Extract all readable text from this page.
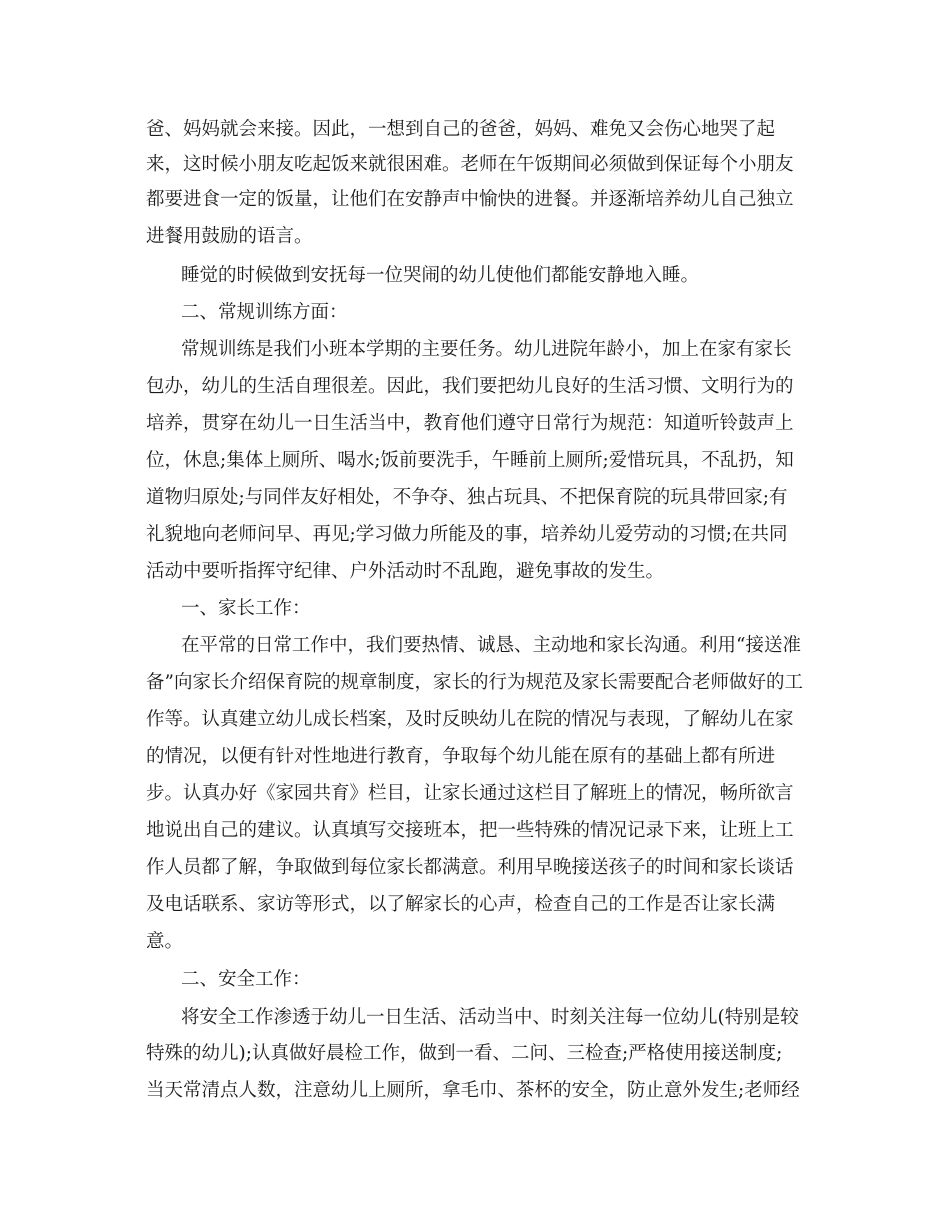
爸、妈妈就会来接。因此，一想到自己的爸爸，妈妈、难免又会伤心地哭了起

来，这时候小朋友吃起饭来就很困难。老师在午饭期间必须做到保证每个小朋友

都要进食一定的饭量，让他们在安静声中愉快的进餐。并逐渐培养幼儿自己独立

进餐用鼓励的语言。

睡觉的时候做到安抚每一位哭闹的幼儿使他们都能安静地入睡。

二、常规训练方面：

常规训练是我们小班本学期的主要任务。幼儿进院年龄小，加上在家有家长

包办，幼儿的生活自理很差。因此，我们要把幼儿良好的生活习惯、文明行为的

培养，贯穿在幼儿一日生活当中，教育他们遵守日常行为规范：知道听铃鼓声上

位，休息;集体上厕所、喝水;饭前要洗手，午睡前上厕所;爱惜玩具，不乱扔，知

道物归原处;与同伴友好相处，不争夺、独占玩具、不把保育院的玩具带回家;有

礼貌地向老师问早、再见;学习做力所能及的事，培养幼儿爱劳动的习惯;在共同

活动中要听指挥守纪律、户外活动时不乱跑，避免事故的发生。

一、家长工作：

在平常的日常工作中，我们要热情、诚恳、主动地和家长沟通。利用“接送准

备”向家长介绍保育院的规章制度，家长的行为规范及家长需要配合老师做好的工

作等。认真建立幼儿成长档案，及时反映幼儿在院的情况与表现，了解幼儿在家

的情况，以便有针对性地进行教育，争取每个幼儿能在原有的基础上都有所进

步。认真办好《家园共育》栏目，让家长通过这栏目了解班上的情况，畅所欲言

地说出自己的建议。认真填写交接班本，把一些特殊的情况记录下来，让班上工

作人员都了解，争取做到每位家长都满意。利用早晚接送孩子的时间和家长谈话

及电话联系、家访等形式，以了解家长的心声，检查自己的工作是否让家长满

意。

二、安全工作：

将安全工作渗透于幼儿一日生活、活动当中、时刻关注每一位幼儿(特别是较

特殊的幼儿);认真做好晨检工作，做到一看、二问、三检查;严格使用接送制度;

当天常清点人数，注意幼儿上厕所，拿毛巾、茶杯的安全，防止意外发生;老师经
